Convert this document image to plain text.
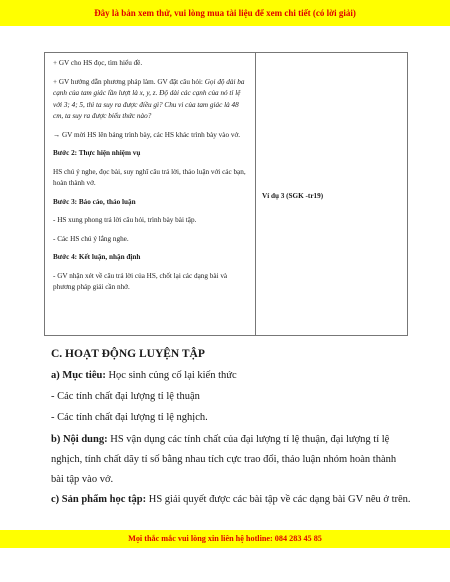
Đây là bản xem thử, vui lòng mua tài liệu để xem chi tiết (có lời giải)

+ GV cho HS đọc, tìm hiểu đề.

+ GV hướng dẫn phương pháp làm. GV đặt câu hỏi: Gọi độ dài ba cạnh của tam giác lần lượt là x, y, z. Độ dài các cạnh của nó tỉ lệ với 3; 4; 5, thì ta suy ra được điều gì? Chu vi của tam giác là 48 cm, ta suy ra được biểu thức nào?

→ GV mời HS lên bảng trình bày, các HS khác trình bày vào vở.

Bước 2: Thực hiện nhiệm vụ

HS chú ý nghe, đọc bài, suy nghĩ câu trả lời, thảo luận với các bạn, hoàn thành vở.

Bước 3: Báo cáo, thảo luận

- HS xung phong trả lời câu hỏi, trình bày bài tập.

- Các HS chú ý lắng nghe.

Bước 4: Kết luận, nhận định

- GV nhận xét về câu trả lời của HS, chốt lại các dạng bài và phương pháp giải cần nhớ.

	Ví dụ 3 (SGK -tr19)

C. HOẠT ĐỘNG LUYỆN TẬP

a) Mục tiêu: Học sinh củng cố lại kiến thức

- Các tính chất đại lượng tỉ lệ thuận

- Các tính chất đại lượng tỉ lệ nghịch.

b) Nội dung: HS vận dụng các tính chất của đại lượng tỉ lệ thuận, đại lượng tỉ lệ nghịch, tính chất dãy tỉ số bằng nhau tích cực trao đổi, thảo luận nhóm hoàn thành bài tập vào vở.

c) Sản phẩm học tập: HS giải quyết được các bài tập về các dạng bài GV nêu ở trên.

Mọi thắc mắc vui lòng xin liên hệ hotline: 084 283 45 85
